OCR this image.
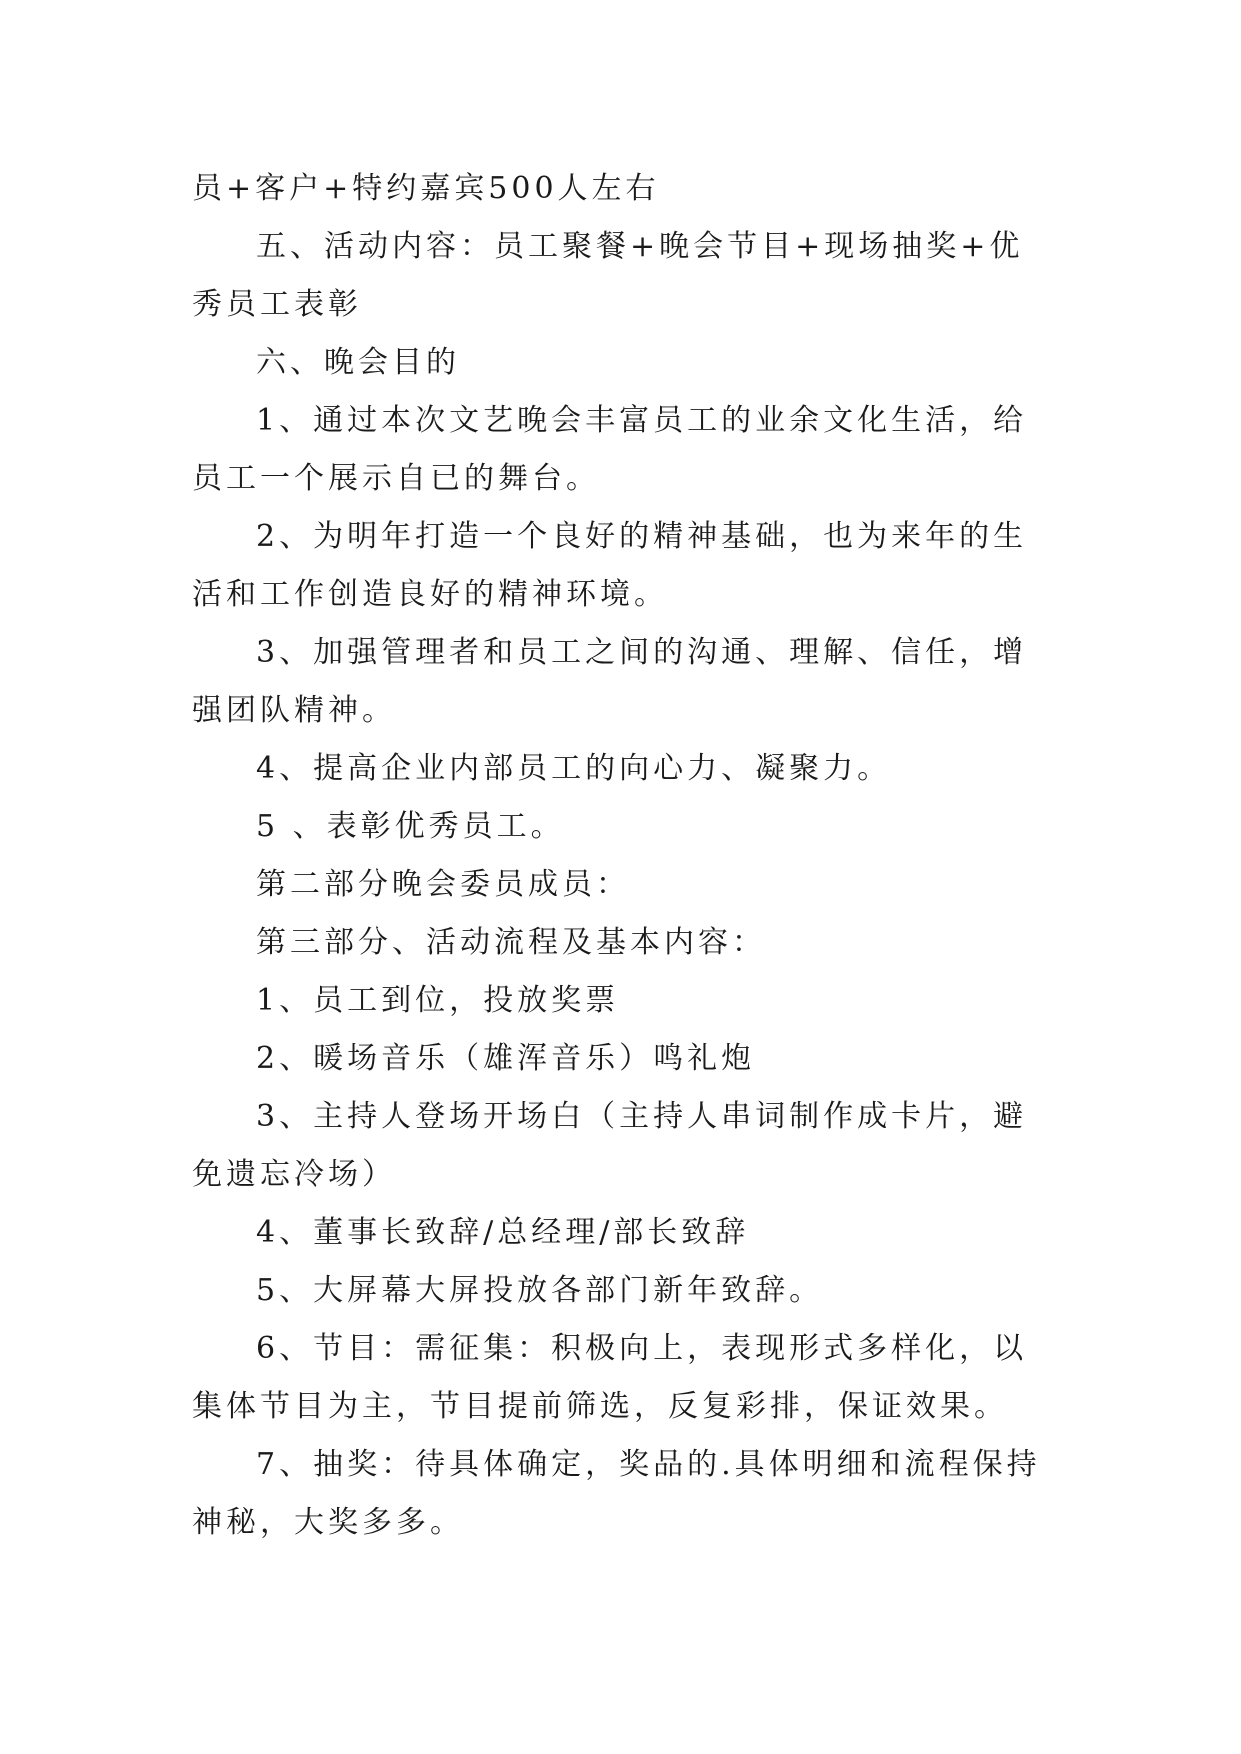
员+客户+特约嘉宾500人左右

五、活动内容：员工聚餐+晚会节目+现场抽奖+优秀员工表彰

六、晚会目的

1、通过本次文艺晚会丰富员工的业余文化生活，给员工一个展示自已的舞台。

2、为明年打造一个良好的精神基础，也为来年的生活和工作创造良好的精神环境。

3、加强管理者和员工之间的沟通、理解、信任，增强团队精神。

4、提高企业内部员工的向心力、凝聚力。

5 、表彰优秀员工。

第二部分晚会委员成员：

第三部分、活动流程及基本内容：

1、员工到位，投放奖票

2、暖场音乐（雄浑音乐）鸣礼炮

3、主持人登场开场白（主持人串词制作成卡片，避免遗忘冷场）

4、董事长致辞/总经理/部长致辞

5、大屏幕大屏投放各部门新年致辞。

6、节目：需征集：积极向上，表现形式多样化，以集体节目为主，节目提前筛选，反复彩排，保证效果。

7、抽奖：待具体确定，奖品的.具体明细和流程保持神秘，大奖多多。
